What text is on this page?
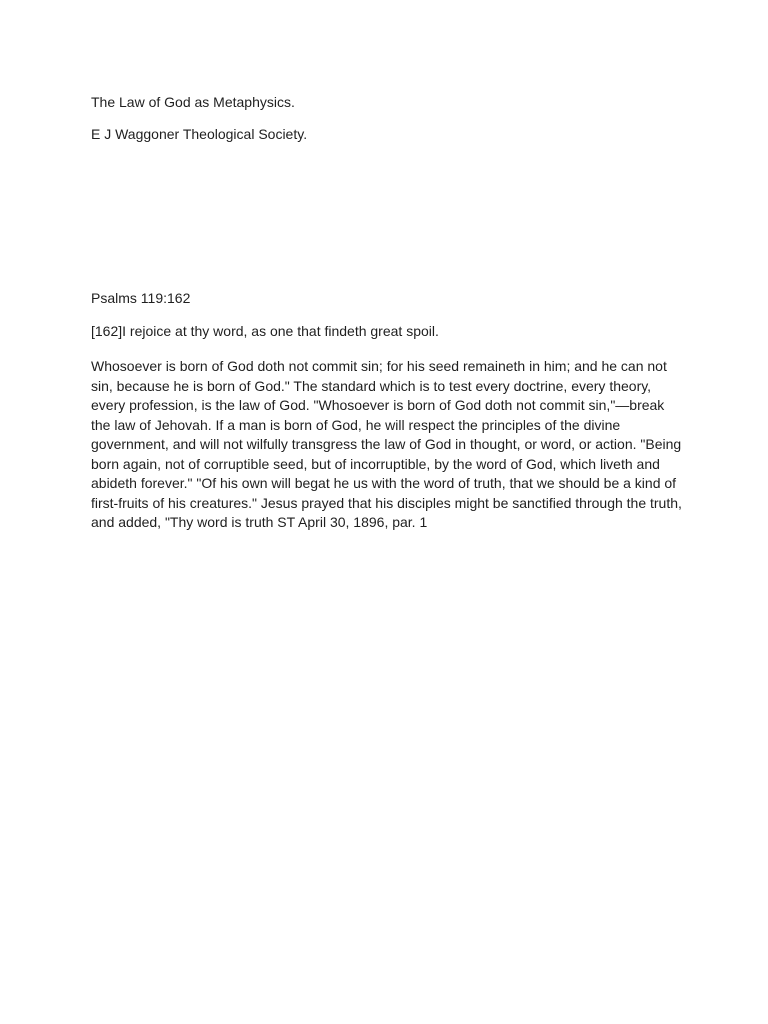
The Law of God as Metaphysics.

E J Waggoner Theological Society.

Psalms 119:162

[162]I rejoice at thy word, as one that findeth great spoil.

Whosoever is born of God doth not commit sin; for his seed remaineth in him; and he can not sin, because he is born of God." The standard which is to test every doctrine, every theory, every profession, is the law of God. "Whosoever is born of God doth not commit sin,"—break the law of Jehovah. If a man is born of God, he will respect the principles of the divine government, and will not wilfully transgress the law of God in thought, or word, or action. "Being born again, not of corruptible seed, but of incorruptible, by the word of God, which liveth and abideth forever." "Of his own will begat he us with the word of truth, that we should be a kind of first-fruits of his creatures." Jesus prayed that his disciples might be sanctified through the truth, and added, "Thy word is truth ST April 30, 1896, par. 1
